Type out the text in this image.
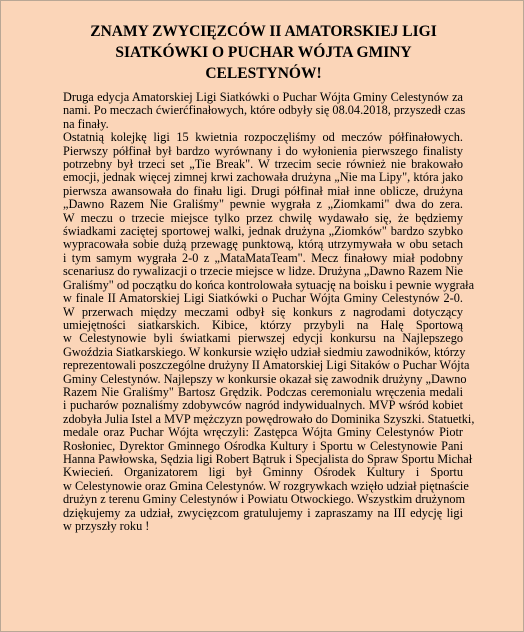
ZNAMY ZWYCIĘZCÓW II AMATORSKIEJ LIGI
SIATKÓWKI O PUCHAR WÓJTA GMINY
CELESTYNÓW!
Druga edycja Amatorskiej Ligi Siatkówki o Puchar Wójta Gminy Celestynów za
nami. Po meczach ćwierćfinałowych, które odbyły się 08.04.2018, przyszedł czas
na finały.
Ostatnią kolejkę ligi 15 kwietnia rozpoczęliśmy od meczów półfinałowych.
Pierwszy półfinał był bardzo wyrównany i do wyłonienia pierwszego finalisty
potrzebny był trzeci set „Tie Break". W trzecim secie również nie brakowało
emocji, jednak więcej zimnej krwi zachowała drużyna „Nie ma Lipy", która jako
pierwsza awansowała do finału ligi. Drugi półfinał miał inne oblicze, drużyna
„Dawno Razem Nie Graliśmy" pewnie wygrała z „Ziomkami" dwa do zera.
W meczu o trzecie miejsce tylko przez chwilę wydawało się, że będziemy
świadkami zaciętej sportowej walki, jednak drużyna „Ziomków" bardzo szybko
wypracowała sobie dużą przewagę punktową, którą utrzymywała w obu setach
i tym samym wygrała 2-0 z „MataMataTeam". Mecz finałowy miał podobny
scenariusz do rywalizacji o trzecie miejsce w lidze. Drużyna „Dawno Razem Nie
Graliśmy" od początku do końca kontrolowała sytuację na boisku i pewnie wygrała
w finale II Amatorskiej Ligi Siatkówki o Puchar Wójta Gminy Celestynów 2-0.
W przerwach między meczami odbył się konkurs z nagrodami dotyczący
umiejętności siatkarskich. Kibice, którzy przybyli na Halę Sportową
w Celestynowie byli światkami pierwszej edycji konkursu na Najlepszego
Gwoździa Siatkarskiego. W konkursie wzięło udział siedmiu zawodników, którzy
reprezentowali poszczególne drużyny II Amatorskiej Ligi Sitaków o Puchar Wójta
Gminy Celestynów. Najlepszy w konkursie okazał się zawodnik drużyny „Dawno
Razem Nie Graliśmy" Bartosz Grędzik. Podczas ceremonialu wręczenia medali
i pucharów poznaliśmy zdobywców nagród indywidualnych. MVP wśród kobiet
zdobyła Julia Istel a MVP mężczyzn powędrowało do Dominika Szyszki. Statuetki,
medale oraz Puchar Wójta wręczyli: Zastępca Wójta Gminy Celestynów Piotr
Rosłoniec, Dyrektor Gminnego Ośrodka Kultury i Sportu w Celestynowie Pani
Hanna Pawłowska, Sędzia ligi Robert Bątruk i Specjalista do Spraw Sportu Michał
Kwiecień. Organizatorem ligi był Gminny Ośrodek Kultury i Sportu
w Celestynowie oraz Gmina Celestynów. W rozgrywkach wzięło udział piętnaście
drużyn z terenu Gminy Celestynów i Powiatu Otwockiego. Wszystkim drużynom
dziękujemy za udział, zwycięzcom gratulujemy i zapraszamy na III edycję ligi
w przyszły roku !
